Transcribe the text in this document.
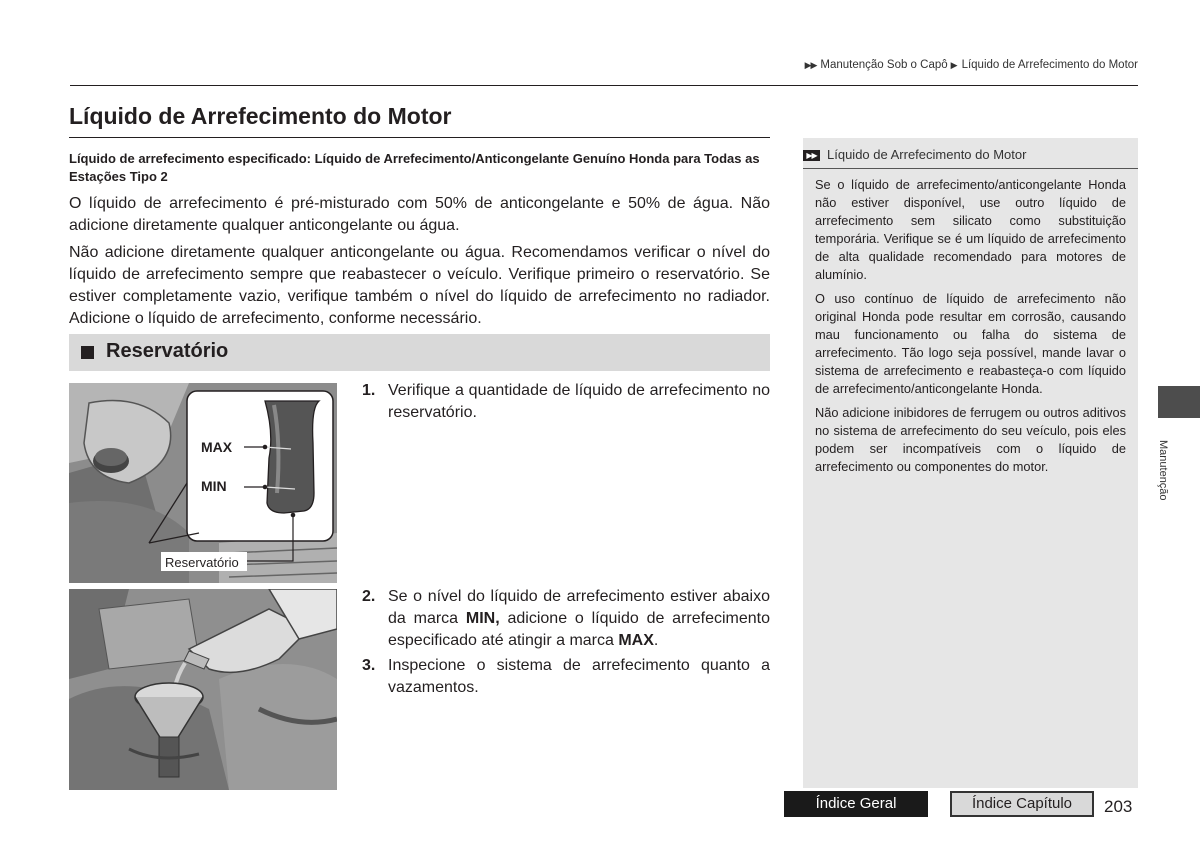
▶▶ Manutenção Sob o Capô ▶ Líquido de Arrefecimento do Motor
Líquido de Arrefecimento do Motor
Líquido de arrefecimento especificado: Líquido de Arrefecimento/Anticongelante Genuíno Honda para Todas as Estações Tipo 2
O líquido de arrefecimento é pré-misturado com 50% de anticongelante e 50% de água. Não adicione diretamente qualquer anticongelante ou água.
Não adicione diretamente qualquer anticongelante ou água. Recomendamos verificar o nível do líquido de arrefecimento sempre que reabastecer o veículo. Verifique primeiro o reservatório. Se estiver completamente vazio, verifique também o nível do líquido de arrefecimento no radiador. Adicione o líquido de arrefecimento, conforme necessário.
Reservatório
MAX
MIN
Reservatório
1. Verifique a quantidade de líquido de arrefecimento no reservatório.
2. Se o nível do líquido de arrefecimento estiver abaixo da marca MIN, adicione o líquido de arrefecimento especificado até atingir a marca MAX.
3. Inspecione o sistema de arrefecimento quanto a vazamentos.
▶▶ Líquido de Arrefecimento do Motor
Se o líquido de arrefecimento/anticongelante Honda não estiver disponível, use outro líquido de arrefecimento sem silicato como substituição temporária. Verifique se é um líquido de arrefecimento de alta qualidade recomendado para motores de alumínio.
O uso contínuo de líquido de arrefecimento não original Honda pode resultar em corrosão, causando mau funcionamento ou falha do sistema de arrefecimento. Tão logo seja possível, mande lavar o sistema de arrefecimento e reabasteça-o com líquido de arrefecimento/anticongelante Honda.
Não adicione inibidores de ferrugem ou outros aditivos no sistema de arrefecimento do seu veículo, pois eles podem ser incompatíveis com o líquido de arrefecimento ou componentes do motor.	Manutenção
Índice Geral	Índice Capítulo	203
